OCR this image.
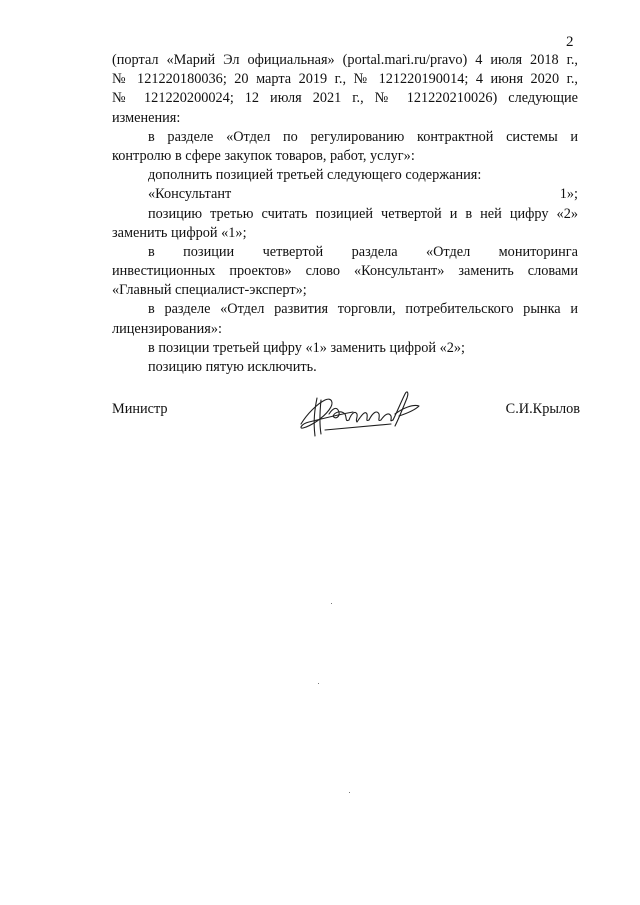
2
(портал «Марий Эл официальная» (portal.mari.ru/pravo) 4 июля 2018 г.,
№ 121220180036; 20 марта 2019 г., № 121220190014; 4 июня 2020 г.,
№ 121220200024; 12 июля 2021 г., № 121220210026) следующие
изменения:
в разделе «Отдел по регулированию контрактной системы и
контролю в сфере закупок товаров, работ, услуг»:
дополнить позицией третьей следующего содержания:
«Консультант	1»;
позицию третью считать позицией четвертой и в ней цифру «2»
заменить цифрой «1»;
в позиции четвертой раздела «Отдел мониторинга
инвестиционных проектов» слово «Консультант» заменить словами
«Главный специалист-эксперт»;
в разделе «Отдел развития торговли, потребительского рынка и
лицензирования»:
в позиции третьей цифру «1» заменить цифрой «2»;
позицию пятую исключить.
Министр	С.И.Крылов
